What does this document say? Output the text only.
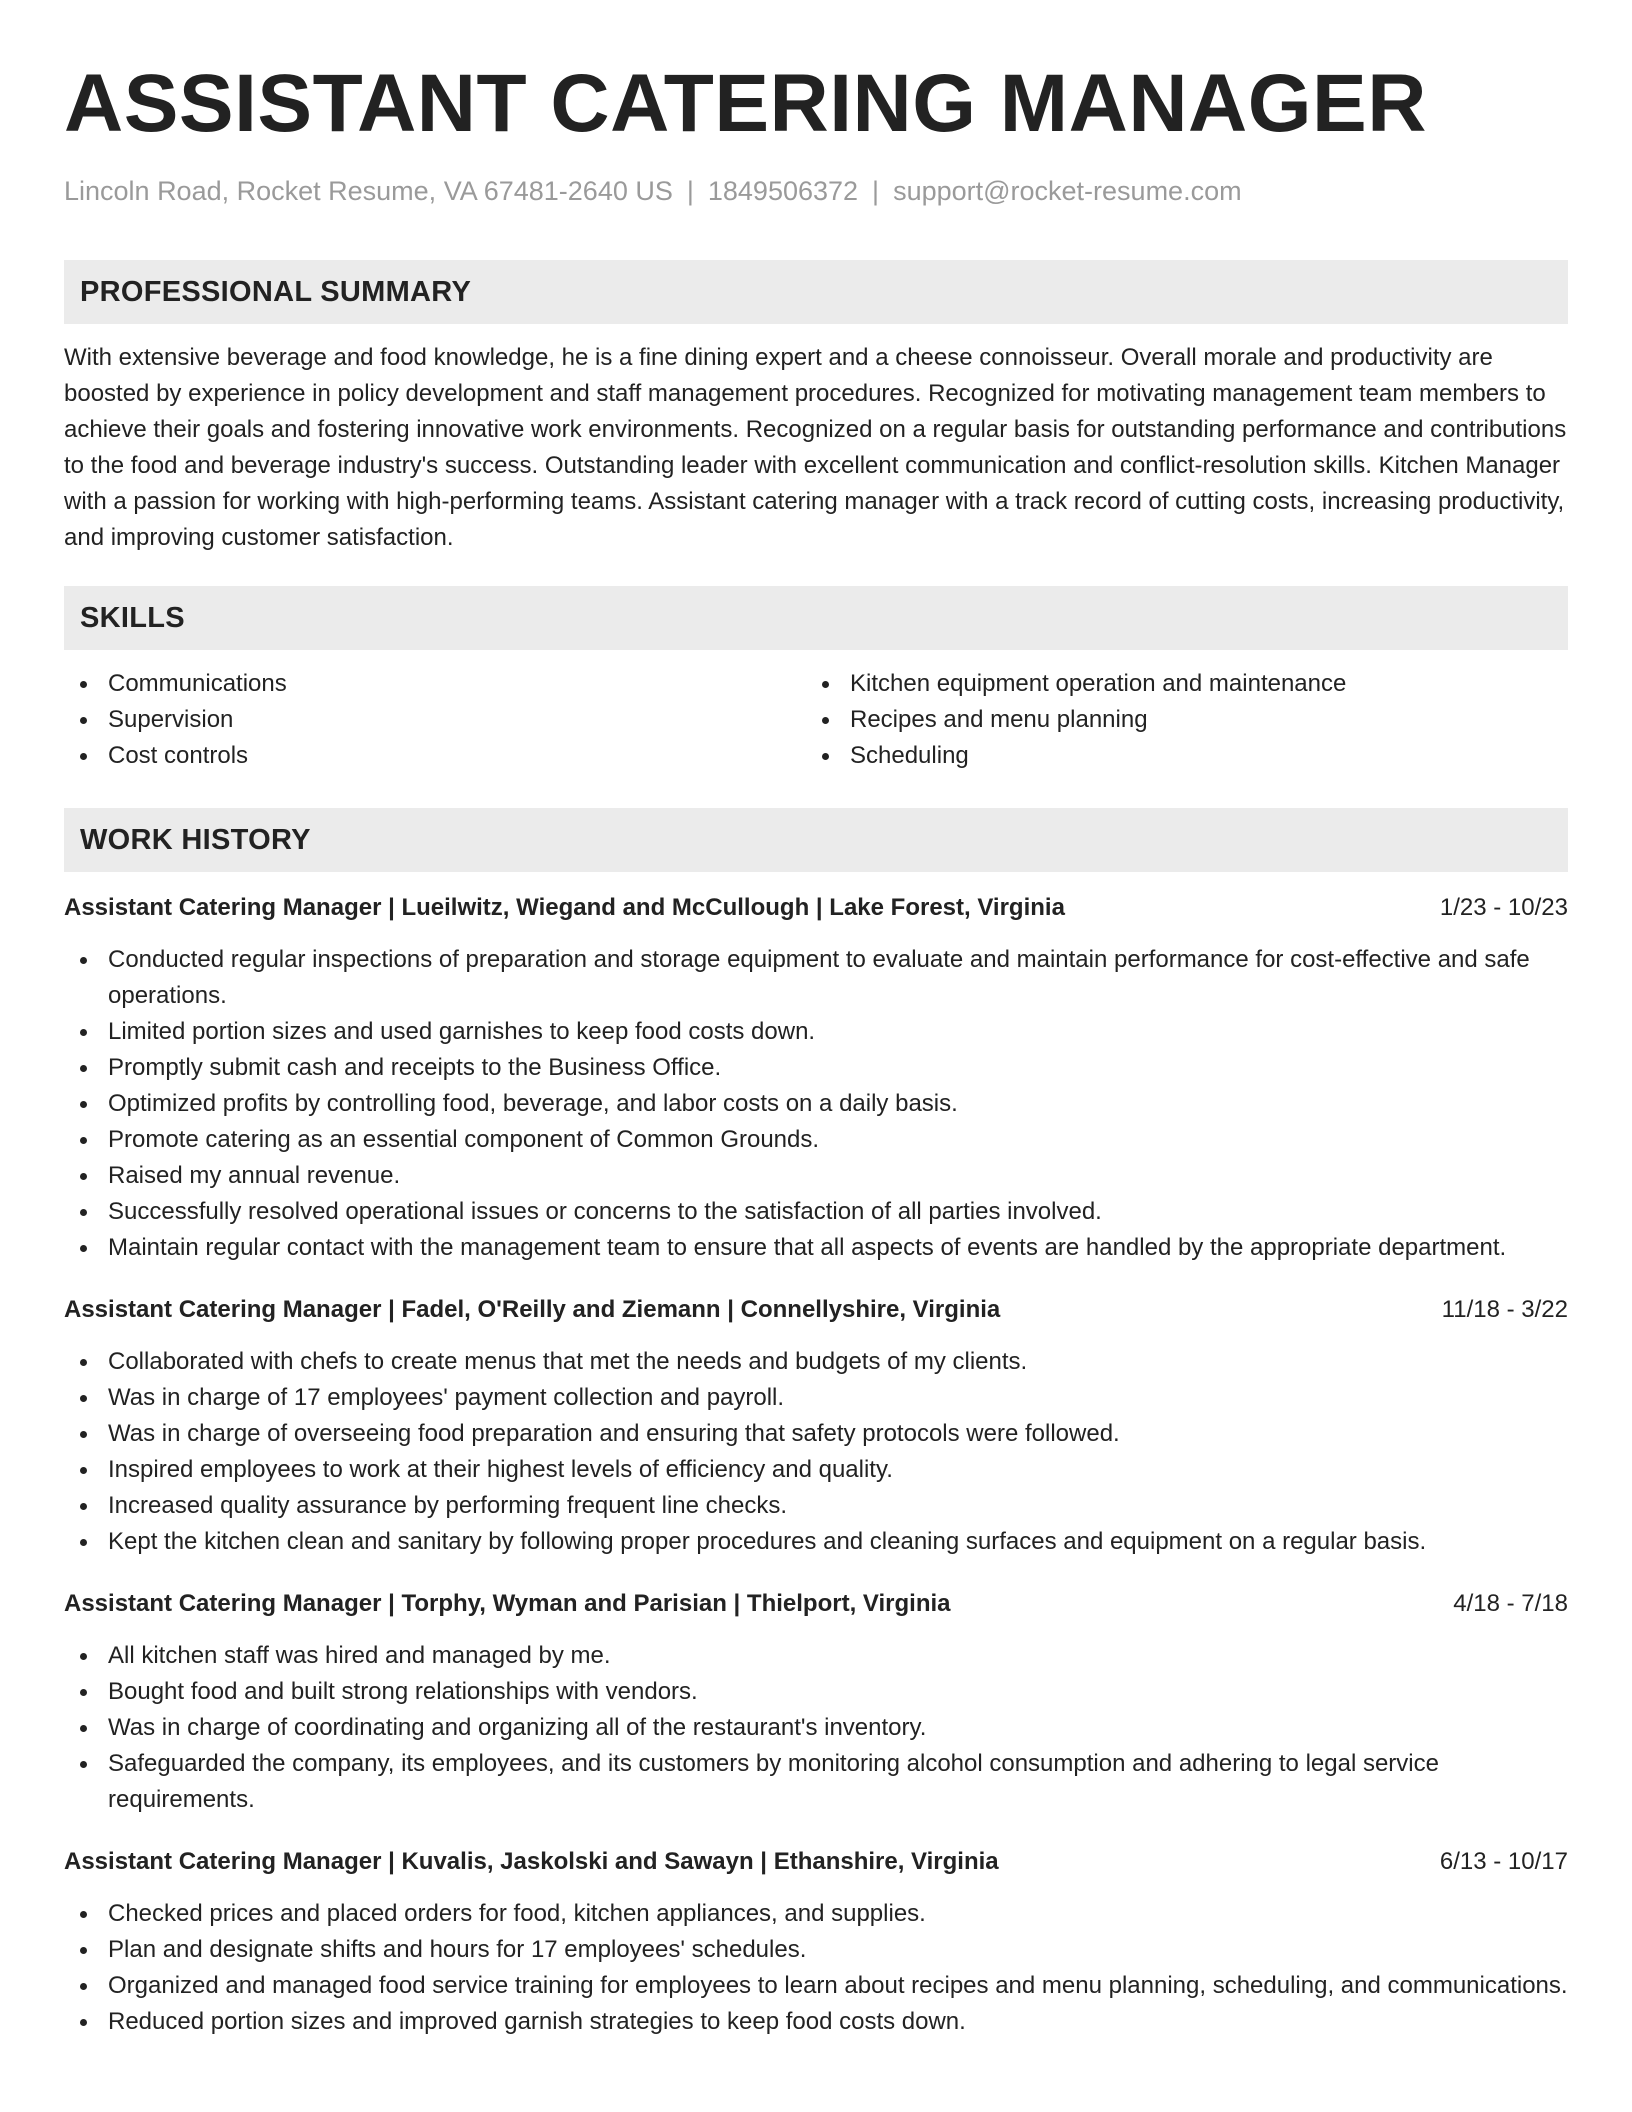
ASSISTANT CATERING MANAGER
Lincoln Road, Rocket Resume, VA 67481-2640 US | 1849506372 | support@rocket-resume.com
PROFESSIONAL SUMMARY
With extensive beverage and food knowledge, he is a fine dining expert and a cheese connoisseur. Overall morale and productivity are boosted by experience in policy development and staff management procedures. Recognized for motivating management team members to achieve their goals and fostering innovative work environments. Recognized on a regular basis for outstanding performance and contributions to the food and beverage industry's success. Outstanding leader with excellent communication and conflict-resolution skills. Kitchen Manager with a passion for working with high-performing teams. Assistant catering manager with a track record of cutting costs, increasing productivity, and improving customer satisfaction.
SKILLS
Communications
Supervision
Cost controls
Kitchen equipment operation and maintenance
Recipes and menu planning
Scheduling
WORK HISTORY
Assistant Catering Manager | Lueilwitz, Wiegand and McCullough | Lake Forest, Virginia	1/23 - 10/23
Conducted regular inspections of preparation and storage equipment to evaluate and maintain performance for cost-effective and safe operations.
Limited portion sizes and used garnishes to keep food costs down.
Promptly submit cash and receipts to the Business Office.
Optimized profits by controlling food, beverage, and labor costs on a daily basis.
Promote catering as an essential component of Common Grounds.
Raised my annual revenue.
Successfully resolved operational issues or concerns to the satisfaction of all parties involved.
Maintain regular contact with the management team to ensure that all aspects of events are handled by the appropriate department.
Assistant Catering Manager | Fadel, O'Reilly and Ziemann | Connellyshire, Virginia	11/18 - 3/22
Collaborated with chefs to create menus that met the needs and budgets of my clients.
Was in charge of 17 employees' payment collection and payroll.
Was in charge of overseeing food preparation and ensuring that safety protocols were followed.
Inspired employees to work at their highest levels of efficiency and quality.
Increased quality assurance by performing frequent line checks.
Kept the kitchen clean and sanitary by following proper procedures and cleaning surfaces and equipment on a regular basis.
Assistant Catering Manager | Torphy, Wyman and Parisian | Thielport, Virginia	4/18 - 7/18
All kitchen staff was hired and managed by me.
Bought food and built strong relationships with vendors.
Was in charge of coordinating and organizing all of the restaurant's inventory.
Safeguarded the company, its employees, and its customers by monitoring alcohol consumption and adhering to legal service requirements.
Assistant Catering Manager | Kuvalis, Jaskolski and Sawayn | Ethanshire, Virginia	6/13 - 10/17
Checked prices and placed orders for food, kitchen appliances, and supplies.
Plan and designate shifts and hours for 17 employees' schedules.
Organized and managed food service training for employees to learn about recipes and menu planning, scheduling, and communications.
Reduced portion sizes and improved garnish strategies to keep food costs down.
